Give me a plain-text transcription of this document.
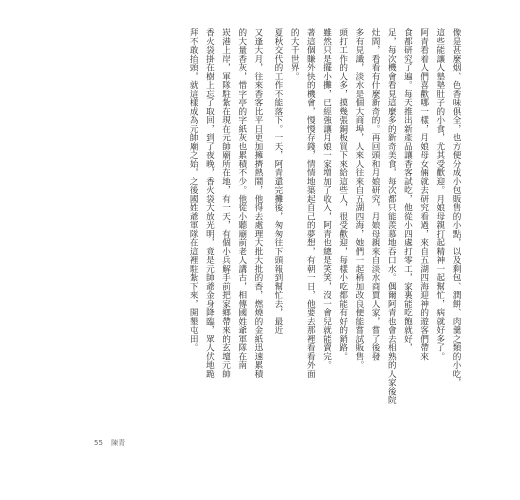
像是甚麼烟、色香味俱全，也方便分成小包販售的小點，以及剩包、潤餅、肉羹之類的小吃，
這些能讓人墊墊肚子的小食，尤其受歡迎。月娘母親打起精神一起幫忙，病就好多了。
阿青看着人們喜歡哪一樣，月娘母女倆就去研究看過，來自五湖四海迎神的遊客們帶來
食都研究了遍。每天推出新產品讓香客試吃，他從小四處打零工，家裏能吃飽就好，
足，每次機會看見這麼多的新奇美食，每次都只能羨慕地吞口水。偶爾阿青也會去相熟的人家後院
灶間，看看有什麼新奇的。再回頭和月娘研究，月娘母親來自淡水商賈人家，嘗了後發
多有見識，淡水是個大商埠，人來人往來自五湖四海，她們一起稍加改良便能嘗試販售。
頭打工作的人多，摸幾張銅板買下來給這些人，很受歡迎，每樣小吃都能有好的銷路。
雖然只是擺小攤，已經強讓月娘一家增加了收入，阿青也總是笑笑，沒一會兒就能賣完。
著這個賺外快的機會，慢慢存錢，情情地築起自己的夢想，有朝一日，他要去那裡看看外面
的大千世界。
夏秋交代的工作不能落下。一天，阿青還完攤後，匆匆往下頭報到幫忙去，最近
又逢大月，往來香客比平日更加擁擠熱鬧，他得去處理大批大批的香，燃燒的金紙迅速累積
的大量香灰，惜字亭的字紙灰也累積不少。他從小聽廟前老人講古，相傳國姓爺軍隊在南
崁港上岸，軍隊駐紮在現在元帥廟所在地，有一天，有個小兵解手前把家鄉帶來的玄壇元帥
香火袋掛在樹上忘了取回，到了夜晚，香火袋大放光明，竟是元帥爺金身降臨，眾人伏地跪
拜不敢抬頭，就這樣成為元帥廟之始，之後國姓爺軍隊在這裡駐紮下來，開墾屯田。
55 陳青
